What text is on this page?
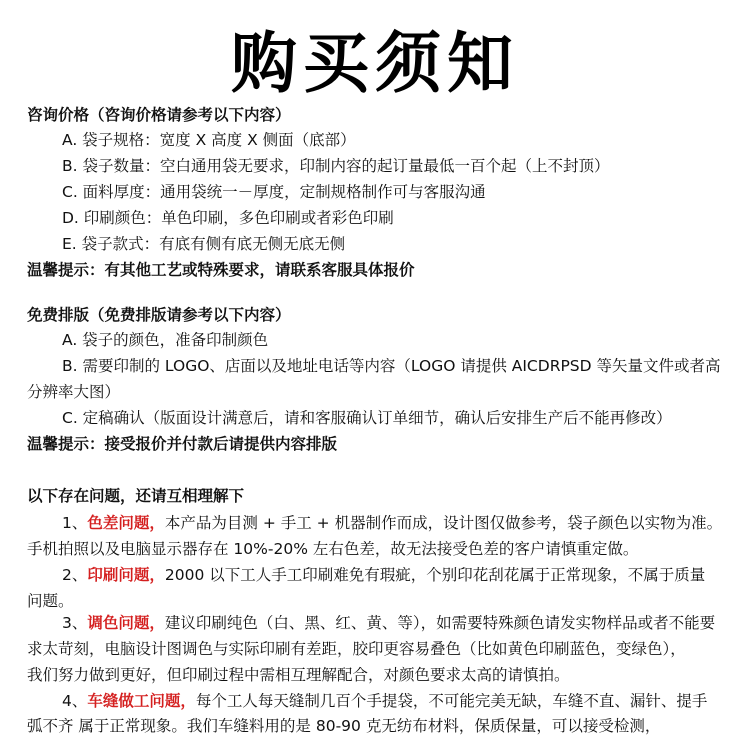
购买须知
咨询价格（咨询价格请参考以下内容）
A. 袋子规格：宽度 X 高度 X 侧面（底部）
B. 袋子数量：空白通用袋无要求，印制内容的起订量最低一百个起（上不封顶）
C. 面料厚度：通用袋统一－厚度，定制规格制作可与客服沟通
D. 印刷颜色：单色印刷，多色印刷或者彩色印刷
E. 袋子款式：有底有侧有底无侧无底无侧
温馨提示：有其他工艺或特殊要求，请联系客服具体报价
免费排版（免费排版请参考以下内容）
A. 袋子的颜色，准备印制颜色
B. 需要印制的 LOGO、店面以及地址电话等内容（LOGO 请提供 AICDRPSD 等矢量文件或者高
分辨率大图）
C. 定稿确认（版面设计满意后，请和客服确认订单细节，确认后安排生产后不能再修改）
温馨提示：接受报价并付款后请提供内容排版
以下存在问题，还请互相理解下
1、色差问题，本产品为目测 + 手工 + 机器制作而成，设计图仅做参考，袋子颜色以实物为准。
手机拍照以及电脑显示器存在 10%-20% 左右色差，故无法接受色差的客户请慎重定做。
2、印刷问题，2000 以下工人手工印刷难免有瑕疵，个别印花刮花属于正常现象，不属于质量
问题。
3、调色问题，建议印刷纯色（白、黑、红、黄、等），如需要特殊颜色请发实物样品或者不能要
求太苛刻，电脑设计图调色与实际印刷有差距，胶印更容易叠色（比如黄色印刷蓝色，变绿色），
我们努力做到更好，但印刷过程中需相互理解配合，对颜色要求太高的请慎拍。
4、车缝做工问题，每个工人每天缝制几百个手提袋，不可能完美无缺，车缝不直、漏针、提手
弧不齐 属于正常现象。我们车缝料用的是 80-90 克无纺布材料，保质保量，可以接受检测，
